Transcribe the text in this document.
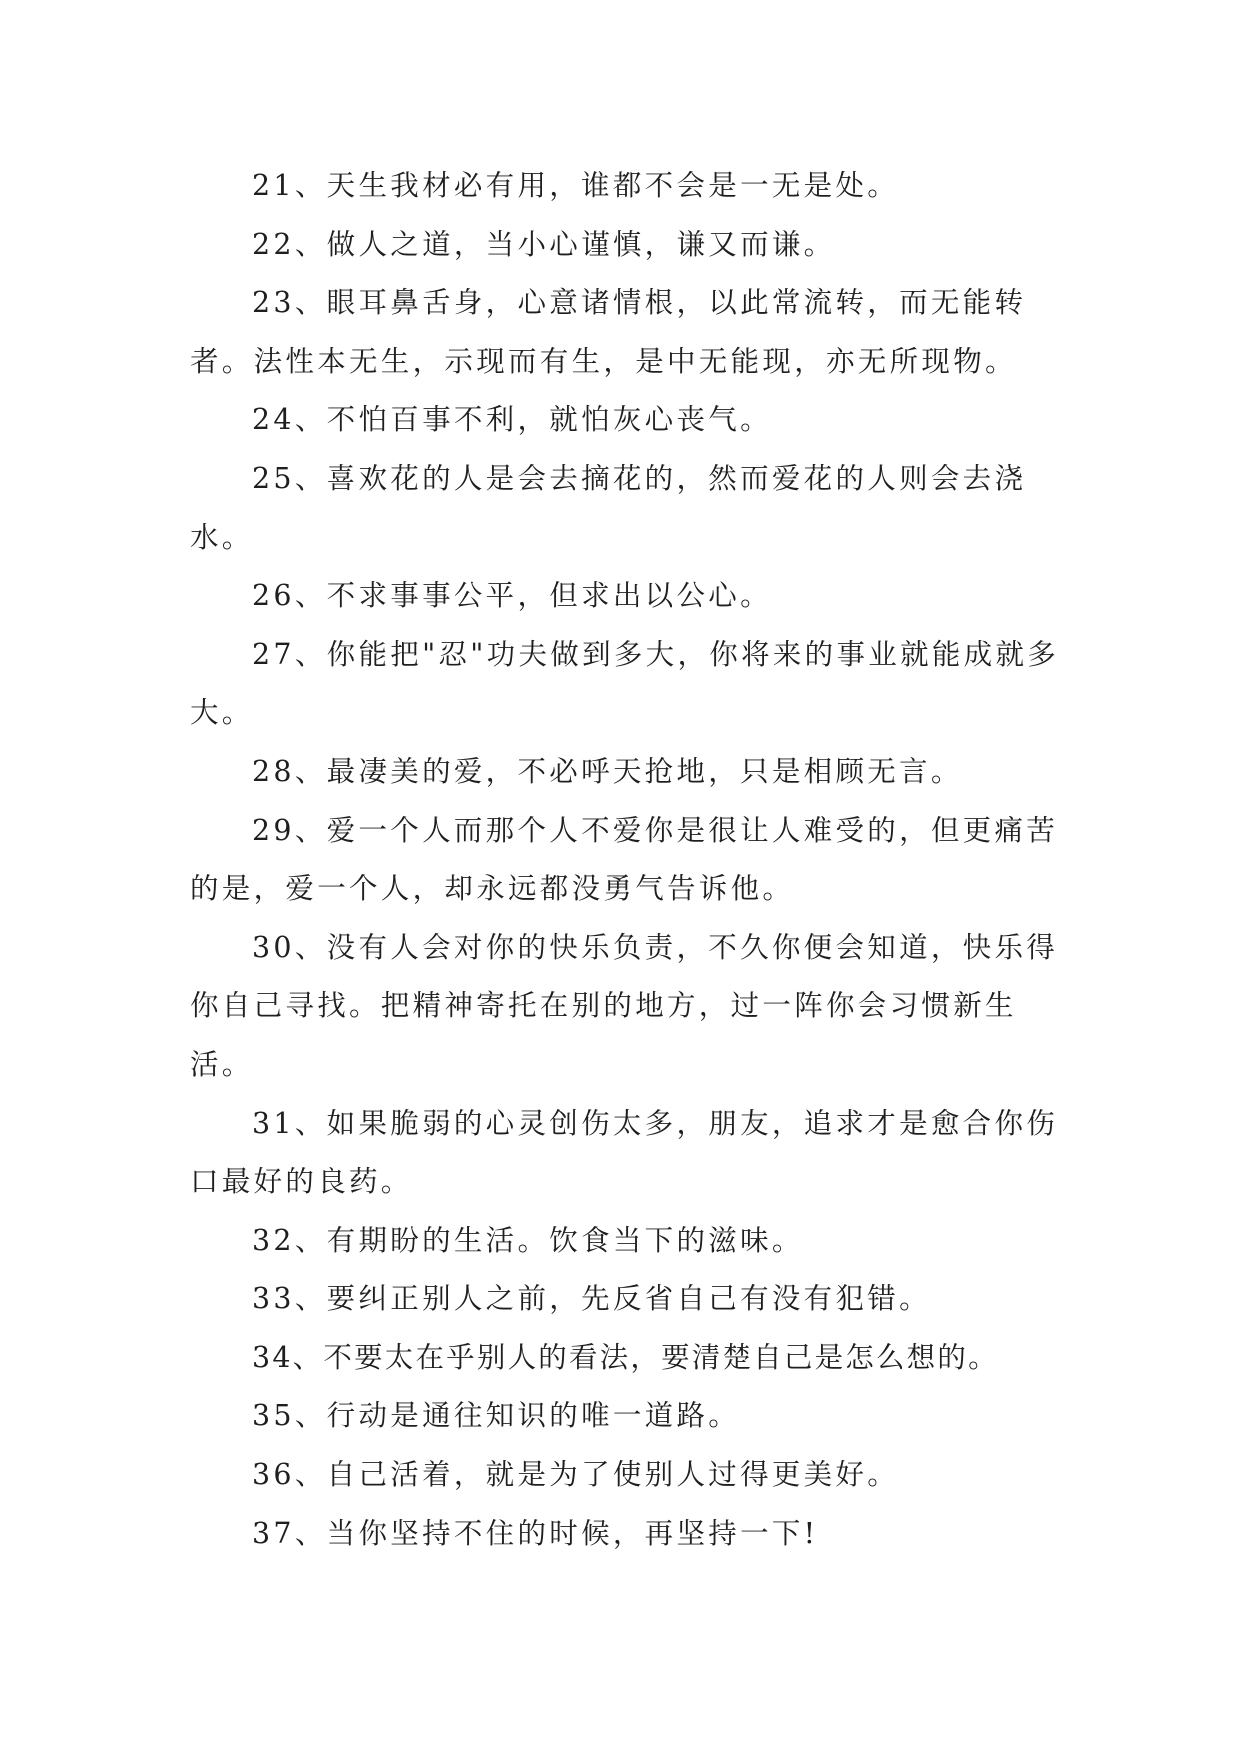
21、天生我材必有用，谁都不会是一无是处。

22、做人之道，当小心谨慎，谦又而谦。

23、眼耳鼻舌身，心意诸情根，以此常流转，而无能转者。法性本无生，示现而有生，是中无能现，亦无所现物。

24、不怕百事不利，就怕灰心丧气。

25、喜欢花的人是会去摘花的，然而爱花的人则会去浇水。

26、不求事事公平，但求出以公心。

27、你能把"忍"功夫做到多大，你将来的事业就能成就多大。

28、最凄美的爱，不必呼天抢地，只是相顾无言。

29、爱一个人而那个人不爱你是很让人难受的，但更痛苦的是，爱一个人，却永远都没勇气告诉他。

30、没有人会对你的快乐负责，不久你便会知道，快乐得你自己寻找。把精神寄托在别的地方，过一阵你会习惯新生活。

31、如果脆弱的心灵创伤太多，朋友，追求才是愈合你伤口最好的良药。

32、有期盼的生活。饮食当下的滋味。

33、要纠正别人之前，先反省自己有没有犯错。

34、不要太在乎别人的看法，要清楚自己是怎么想的。

35、行动是通往知识的唯一道路。

36、自己活着，就是为了使别人过得更美好。

37、当你坚持不住的时候，再坚持一下!
